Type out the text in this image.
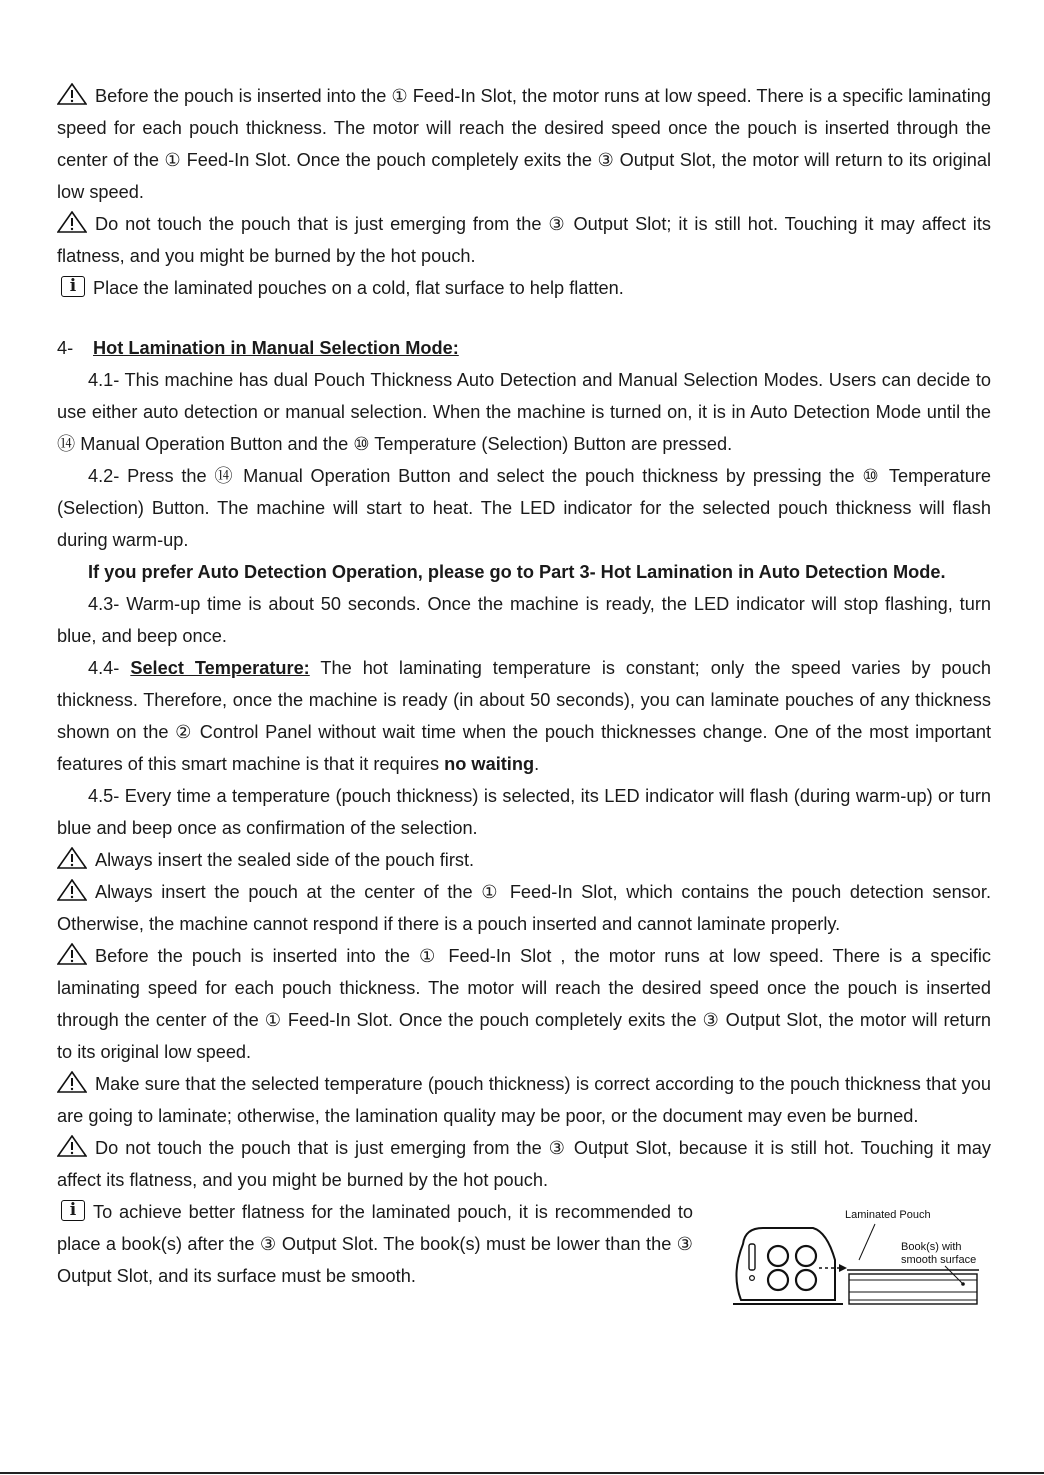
Before the pouch is inserted into the ① Feed-In Slot, the motor runs at low speed. There is a specific laminating speed for each pouch thickness. The motor will reach the desired speed once the pouch is inserted through the center of the ① Feed-In Slot. Once the pouch completely exits the ③ Output Slot, the motor will return to its original low speed.

Do not touch the pouch that is just emerging from the ③ Output Slot; it is still hot. Touching it may affect its flatness, and you might be burned by the hot pouch.

iPlace the laminated pouches on a cold, flat surface to help flatten.

4- Hot Lamination in Manual Selection Mode:

4.1- This machine has dual Pouch Thickness Auto Detection and Manual Selection Modes. Users can decide to use either auto detection or manual selection. When the machine is turned on, it is in Auto Detection Mode until the ⑭ Manual Operation Button and the ⑩ Temperature (Selection) Button are pressed.

4.2- Press the ⑭ Manual Operation Button and select the pouch thickness by pressing the ⑩ Temperature (Selection) Button. The machine will start to heat. The LED indicator for the selected pouch thickness will flash during warm-up.

If you prefer Auto Detection Operation, please go to Part 3- Hot Lamination in Auto Detection Mode.

4.3- Warm-up time is about 50 seconds. Once the machine is ready, the LED indicator will stop flashing, turn blue, and beep once.

4.4- Select Temperature: The hot laminating temperature is constant; only the speed varies by pouch thickness. Therefore, once the machine is ready (in about 50 seconds), you can laminate pouches of any thickness shown on the ② Control Panel without wait time when the pouch thicknesses change. One of the most important features of this smart machine is that it requires no waiting.

4.5- Every time a temperature (pouch thickness) is selected, its LED indicator will flash (during warm-up) or turn blue and beep once as confirmation of the selection.

Always insert the sealed side of the pouch first.

Always insert the pouch at the center of the ① Feed-In Slot, which contains the pouch detection sensor. Otherwise, the machine cannot respond if there is a pouch inserted and cannot laminate properly.

Before the pouch is inserted into the ① Feed-In Slot , the motor runs at low speed. There is a specific laminating speed for each pouch thickness. The motor will reach the desired speed once the pouch is inserted through the center of the ① Feed-In Slot. Once the pouch completely exits the ③ Output Slot, the motor will return to its original low speed.

Make sure that the selected temperature (pouch thickness) is correct according to the pouch thickness that you are going to laminate; otherwise, the lamination quality may be poor, or the document may even be burned.

Do not touch the pouch that is just emerging from the ③ Output Slot, because it is still hot. Touching it may affect its flatness, and you might be burned by the hot pouch.

iTo achieve better flatness for the laminated pouch, it is recommended to place a book(s) after the ③ Output Slot. The book(s) must be lower than the ③ Output Slot, and its surface must be smooth.

Laminated Pouch
Book(s) with
smooth surface
